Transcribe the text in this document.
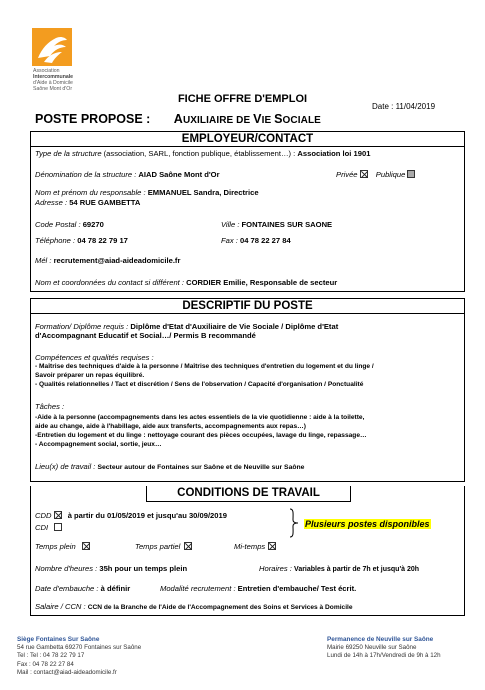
Association
Intercommunale
d'Aide à Domicile
Saône Mont d'Or
FICHE OFFRE D'EMPLOI
Date : 11/04/2019
POSTE PROPOSE : AUXILIAIRE DE VIE SOCIALE
EMPLOYEUR/CONTACT
Type de la structure (association, SARL, fonction publique, établissement…) : Association loi 1901
Dénomination de la structure : AIAD Saône Mont d'Or	Privée Publique
Nom et prénom du responsable : EMMANUEL Sandra, Directrice
Adresse : 54 RUE GAMBETTA
Code Postal : 69270	Ville : FONTAINES SUR SAONE
Téléphone : 04 78 22 79 17	Fax : 04 78 22 27 84
Mél : recrutement@aiad-aideadomicile.fr
Nom et coordonnées du contact si différent : CORDIER Emilie, Responsable de secteur
DESCRIPTIF DU POSTE
Formation/ Diplôme requis : Diplôme d'Etat d'Auxiliaire de Vie Sociale / Diplôme d'Etat
d'Accompagnant Educatif et Social…/ Permis B recommandé
Compétences et qualités requises :
- Maîtrise des techniques d'aide à la personne / Maîtrise des techniques d'entretien du logement et du linge /
Savoir préparer un repas équilibré.
- Qualités relationnelles / Tact et discrétion / Sens de l'observation / Capacité d'organisation / Ponctualité
Tâches :
-Aide à la personne (accompagnements dans les actes essentiels de la vie quotidienne : aide à la toilette,
aide au change, aide à l'habillage, aide aux transferts, accompagnements aux repas…)
-Entretien du logement et du linge : nettoyage courant des pièces occupées, lavage du linge, repassage…
- Accompagnement social, sortie, jeux…
Lieu(x) de travail : Secteur autour de Fontaines sur Saône et de Neuville sur Saône
CONDITIONS DE TRAVAIL
CDD à partir du 01/05/2019 et jusqu'au 30/09/2019
CDI	Plusieurs postes disponibles
Temps plein	Temps partiel	Mi-temps
Nombre d'heures : 35h pour un temps plein	Horaires : Variables à partir de 7h et jusqu'à 20h
Date d'embauche : à définir	Modalité recrutement : Entretien d'embauche/ Test écrit.
Salaire / CCN : CCN de la Branche de l'Aide de l'Accompagnement des Soins et Services à Domicile
Siège Fontaines Sur Saône
54 rue Gambetta 69270 Fontaines sur Saône
Tel : Tel : 04 78 22 79 17
Fax : 04 78 22 27 84
Mail : contact@aiad-aideadomicile.fr
Permanence de Neuville sur Saône
Mairie 69250 Neuville sur Saône
Lundi de 14h à 17h/Vendredi de 9h à 12h
